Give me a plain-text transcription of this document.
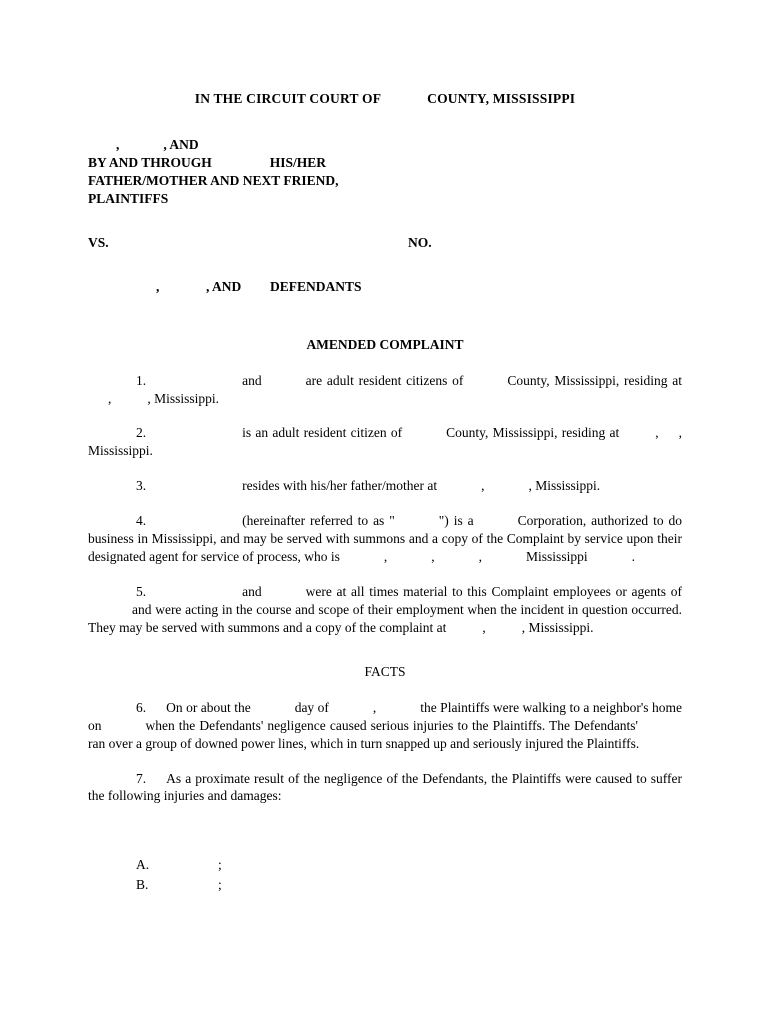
IN THE CIRCUIT COURT OF	COUNTY, MISSISSIPPI
,	, AND
BY AND THROUGH	HIS/HER
FATHER/MOTHER AND NEXT FRIEND,
PLAINTIFFS
VS.	NO.
,	, AND DEFENDANTS
AMENDED COMPLAINT

1.	and	are adult resident citizens of	County, Mississippi, residing at,	, Mississippi.

2.	is an adult resident citizen of	County, Mississippi, residing at	, , Mississippi.

3.	resides with his/her father/mother at	,	, Mississippi.

4.	(hereinafter referred to as "	") is a	Corporation, authorized to do business in Mississippi, and may be served with summons and a copy of the Complaint by service upon their designated agent for service of process, who is	,	,	,	Mississippi	.

5.	and	were at all times material to this Complaint employees or agents ofand were acting in the course and scope of their employment when the incident in question occurred. They may be served with summons and a copy of the complaint at	,	, Mississippi.

FACTS

6. On or about the	day of	,	the Plaintiffs were walking to a neighbor's home on	when the Defendants' negligence caused serious injuries to the Plaintiffs. The Defendants'ran over a group of downed power lines, which in turn snapped up and seriously injured the Plaintiffs.

7. As a proximate result of the negligence of the Defendants, the Plaintiffs were caused to suffer the following injuries and damages:

A.	;
B.	;
